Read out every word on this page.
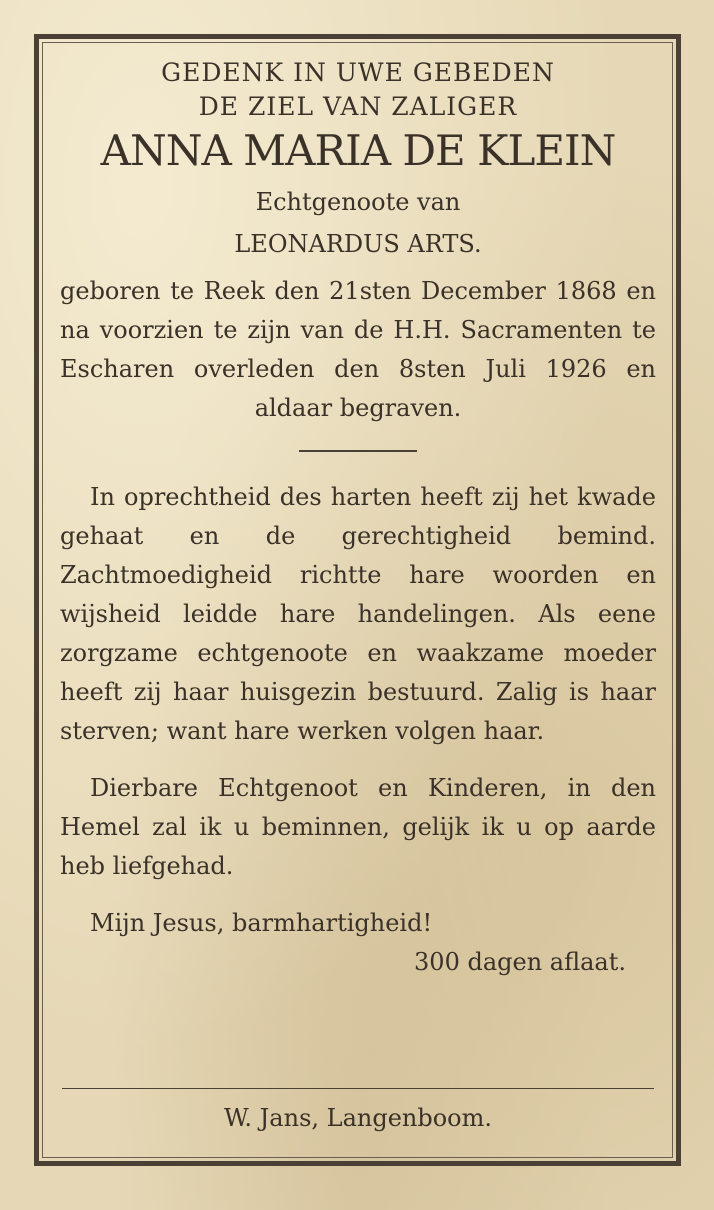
GEDENK IN UWE GEBEDEN

DE ZIEL VAN ZALIGER

ANNA MARIA DE KLEIN

Echtgenoote van

LEONARDUS ARTS.

geboren te Reek den 21sten December 1868 en na voorzien te zijn van de H.H. Sacramenten te Escharen overleden den 8sten Juli 1926 en aldaar begraven.

In oprechtheid des harten heeft zij het kwade gehaat en de gerechtigheid bemind. Zachtmoedigheid richtte hare woorden en wijsheid leidde hare handelingen. Als eene zorgzame echtgenoote en waakzame moeder heeft zij haar huisgezin bestuurd. Zalig is haar sterven; want hare werken volgen haar.

Dierbare Echtgenoot en Kinderen, in den Hemel zal ik u beminnen, gelijk ik u op aarde heb liefgehad.

Mijn Jesus, barmhartigheid!

300 dagen aflaat.

W. Jans, Langenboom.
